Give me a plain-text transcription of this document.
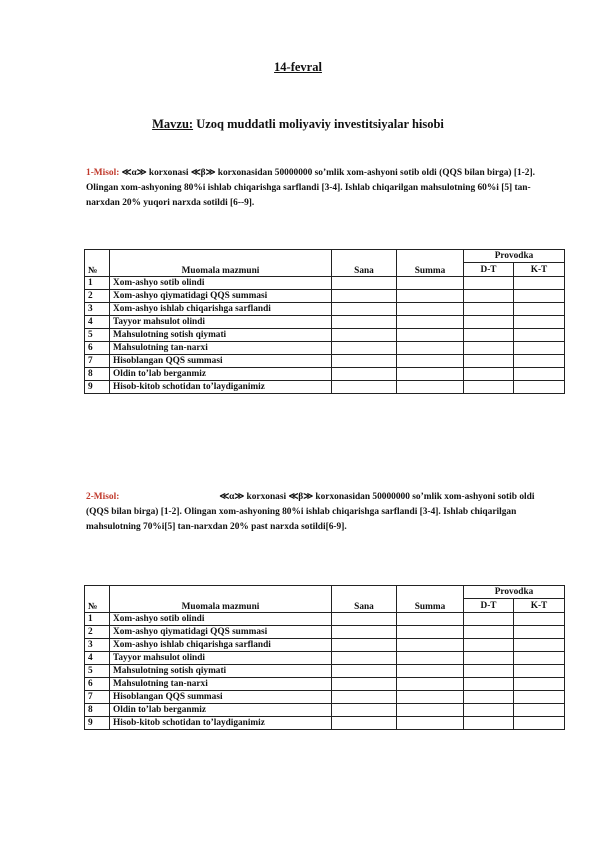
14-fevral
Mavzu: Uzoq muddatli moliyaviy investitsiyalar hisobi
1-Misol: ≪α≫ korxonasi ≪β≫ korxonasidan 50000000 so’mlik xom-ashyoni sotib oldi (QQS bilan birga) [1-2]. Olingan xom-ashyoning 80%i ishlab chiqarishga sarflandi [3-4]. Ishlab chiqarilgan mahsulotning 60%i [5] tan-narxdan 20% yuqori narxda sotildi [6--9].
№	Muomala mazmuni	Sana	Summa	Provodka	
				D-T	K-T
1	Xom-ashyo sotib olindi				
2	Xom-ashyo qiymatidagi QQS summasi				
3	Xom-ashyo ishlab chiqarishga sarflandi				
4	Tayyor mahsulot olindi				
5	Mahsulotning sotish qiymati				
6	Mahsulotning tan-narxi				
7	Hisoblangan QQS summasi				
8	Oldin to’lab berganmiz				
9	Hisob-kitob schotidan to’laydiganimiz				
2-Misol:	≪α≫ korxonasi ≪β≫ korxonasidan 50000000 so’mlik xom-ashyoni sotib oldi (QQS bilan birga) [1-2]. Olingan xom-ashyoning 80%i ishlab chiqarishga sarflandi [3-4]. Ishlab chiqarilgan mahsulotning 70%i[5] tan-narxdan 20% past narxda sotildi[6-9].
№	Muomala mazmuni	Sana	Summa	Provodka	
				D-T	K-T
1	Xom-ashyo sotib olindi				
2	Xom-ashyo qiymatidagi QQS summasi				
3	Xom-ashyo ishlab chiqarishga sarflandi				
4	Tayyor mahsulot olindi				
5	Mahsulotning sotish qiymati				
6	Mahsulotning tan-narxi				
7	Hisoblangan QQS summasi				
8	Oldin to’lab berganmiz				
9	Hisob-kitob schotidan to’laydiganimiz				
